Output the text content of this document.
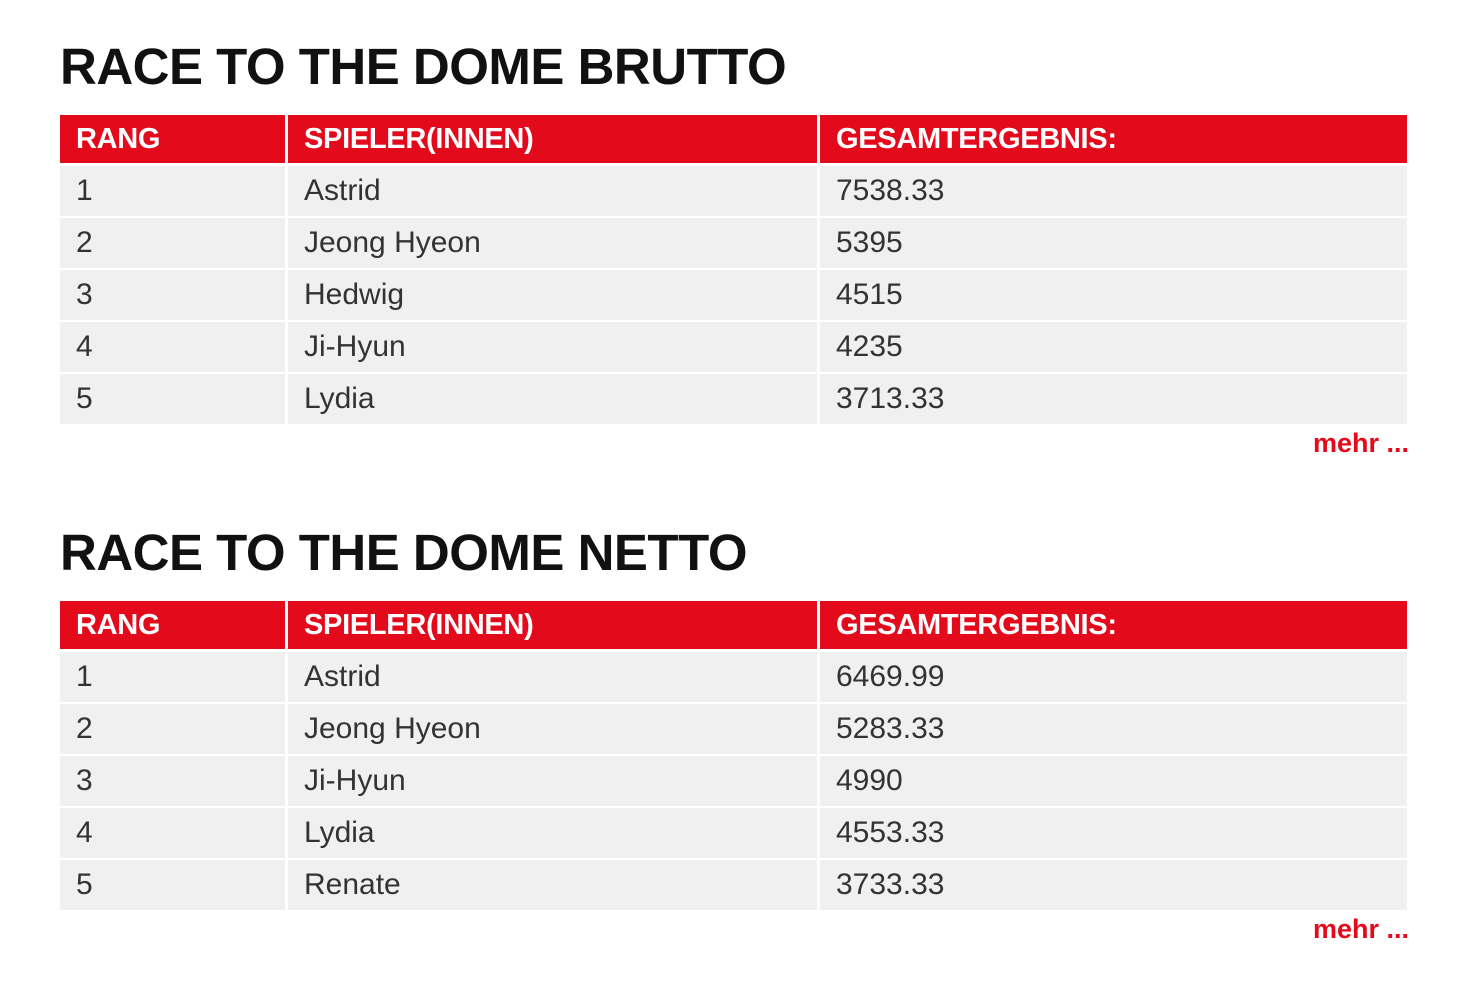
RACE TO THE DOME BRUTTO
RANG	SPIELER(INNEN)	GESAMTERGEBNIS:
1	Astrid	7538.33
2	Jeong Hyeon	5395
3	Hedwig	4515
4	Ji-Hyun	4235
5	Lydia	3713.33
mehr ...
RACE TO THE DOME NETTO
RANG	SPIELER(INNEN)	GESAMTERGEBNIS:
1	Astrid	6469.99
2	Jeong Hyeon	5283.33
3	Ji-Hyun	4990
4	Lydia	4553.33
5	Renate	3733.33
mehr ...
